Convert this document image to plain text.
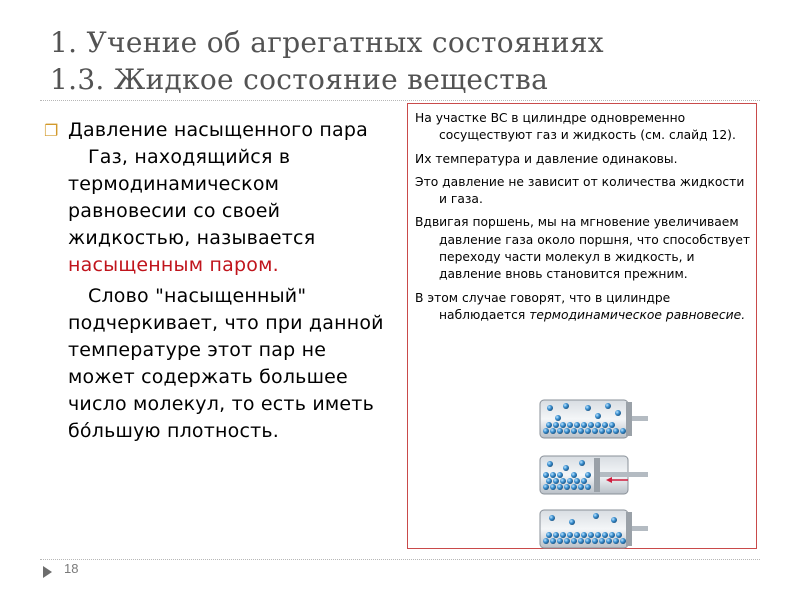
1. Учение об агрегатных состояниях
1.3. Жидкое состояние вещества
❐ Давление насыщенного пара

Газ, находящийся в термодинамическом равновесии со своей жидкостью, называется насыщенным паром.

Слово "насыщенный" подчеркивает, что при данной температуре этот пар не может содержать большее число молекул, то есть иметь бо́льшую плотность.

На участке BC в цилиндре одновременно сосуществуют газ и жидкость (см. слайд 12).

Их температура и давление одинаковы.

Это давление не зависит от количества жидкости и газа.

Вдвигая поршень, мы на мгновение увеличиваем давление газа около поршня, что способствует переходу части молекул в жидкость, и давление вновь становится прежним.

В этом случае говорят, что в цилиндре наблюдается термодинамическое равновесие.

18
